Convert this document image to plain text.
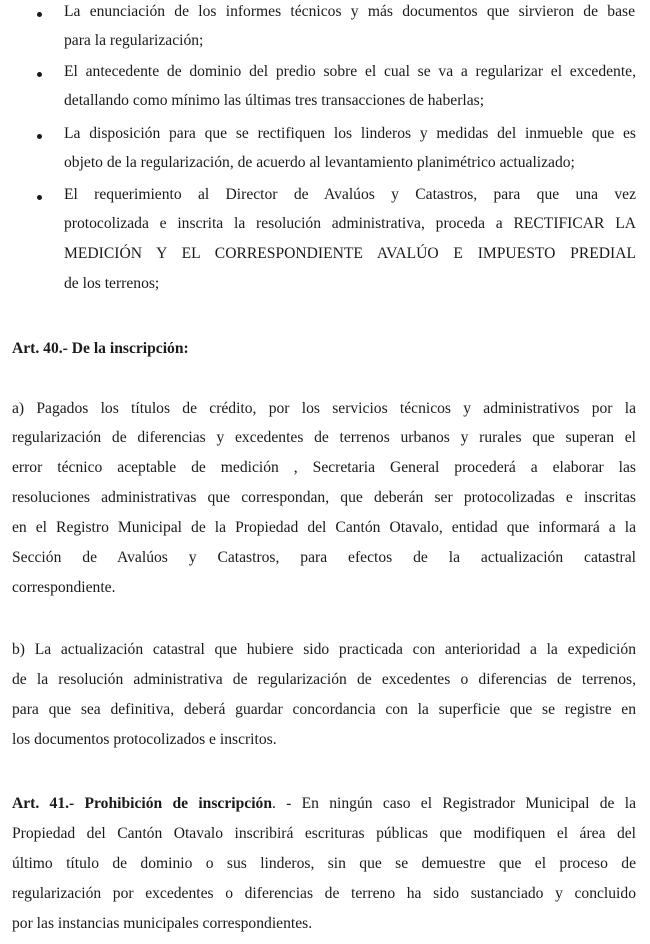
La enunciación de los informes técnicos y más documentos que sirvieron de base
para la regularización;
El antecedente de dominio del predio sobre el cual se va a regularizar el excedente,
detallando como mínimo las últimas tres transacciones de haberlas;
La disposición para que se rectifiquen los linderos y medidas del inmueble que es
objeto de la regularización, de acuerdo al levantamiento planimétrico actualizado;
El requerimiento al Director de Avalúos y Catastros, para que una vez
protocolizada e inscrita la resolución administrativa, proceda a RECTIFICAR LA
MEDICIÓN Y EL CORRESPONDIENTE AVALÚO E IMPUESTO PREDIAL
de los terrenos;
Art. 40.- De la inscripción:
a) Pagados los títulos de crédito, por los servicios técnicos y administrativos por la
regularización de diferencias y excedentes de terrenos urbanos y rurales que superan el
error técnico aceptable de medición , Secretaria General procederá a elaborar las
resoluciones administrativas que correspondan, que deberán ser protocolizadas e inscritas
en el Registro Municipal de la Propiedad del Cantón Otavalo, entidad que informará a la
Sección de Avalúos y Catastros, para efectos de la actualización catastral
correspondiente.
b) La actualización catastral que hubiere sido practicada con anterioridad a la expedición
de la resolución administrativa de regularización de excedentes o diferencias de terrenos,
para que sea definitiva, deberá guardar concordancia con la superficie que se registre en
los documentos protocolizados e inscritos.
Art. 41.- Prohibición de inscripción. - En ningún caso el Registrador Municipal de la
Propiedad del Cantón Otavalo inscribirá escrituras públicas que modifiquen el área del
último título de dominio o sus linderos, sin que se demuestre que el proceso de
regularización por excedentes o diferencias de terreno ha sido sustanciado y concluido
por las instancias municipales correspondientes.
